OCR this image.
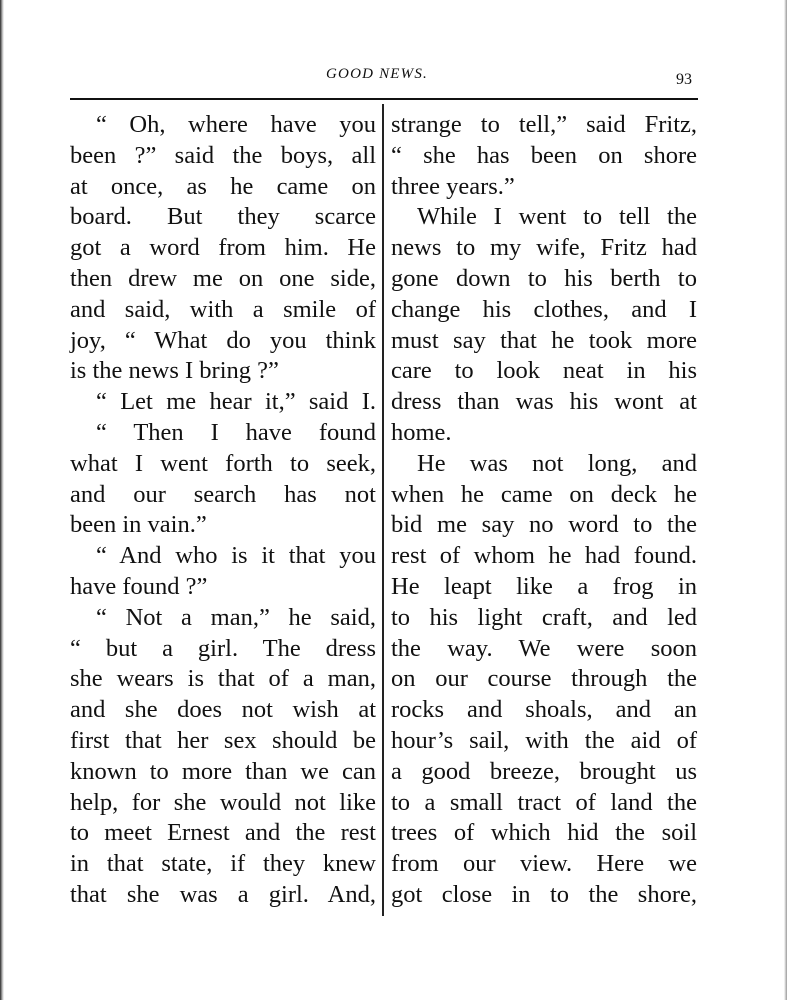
GOOD NEWS.	93
“ Oh, where have you
been ?” said the boys, all
at once, as he came on
board. But they scarce
got a word from him. He
then drew me on one side,
and said, with a smile of
joy, “ What do you think
is the news I bring ?”
“ Let me hear it,” said I.
“ Then I have found
what I went forth to seek,
and our search has not
been in vain.”
“ And who is it that you
have found ?”
“ Not a man,” he said,
“ but a girl. The dress
she wears is that of a man,
and she does not wish at
first that her sex should be
known to more than we can
help, for she would not like
to meet Ernest and the rest
in that state, if they knew
that she was a girl. And,
strange to tell,” said Fritz,
“ she has been on shore
three years.”
While I went to tell the
news to my wife, Fritz had
gone down to his berth to
change his clothes, and I
must say that he took more
care to look neat in his
dress than was his wont at
home.
He was not long, and
when he came on deck he
bid me say no word to the
rest of whom he had found.
He leapt like a frog in
to his light craft, and led
the way. We were soon
on our course through the
rocks and shoals, and an
hour’s sail, with the aid of
a good breeze, brought us
to a small tract of land the
trees of which hid the soil
from our view. Here we
got close in to the shore,
